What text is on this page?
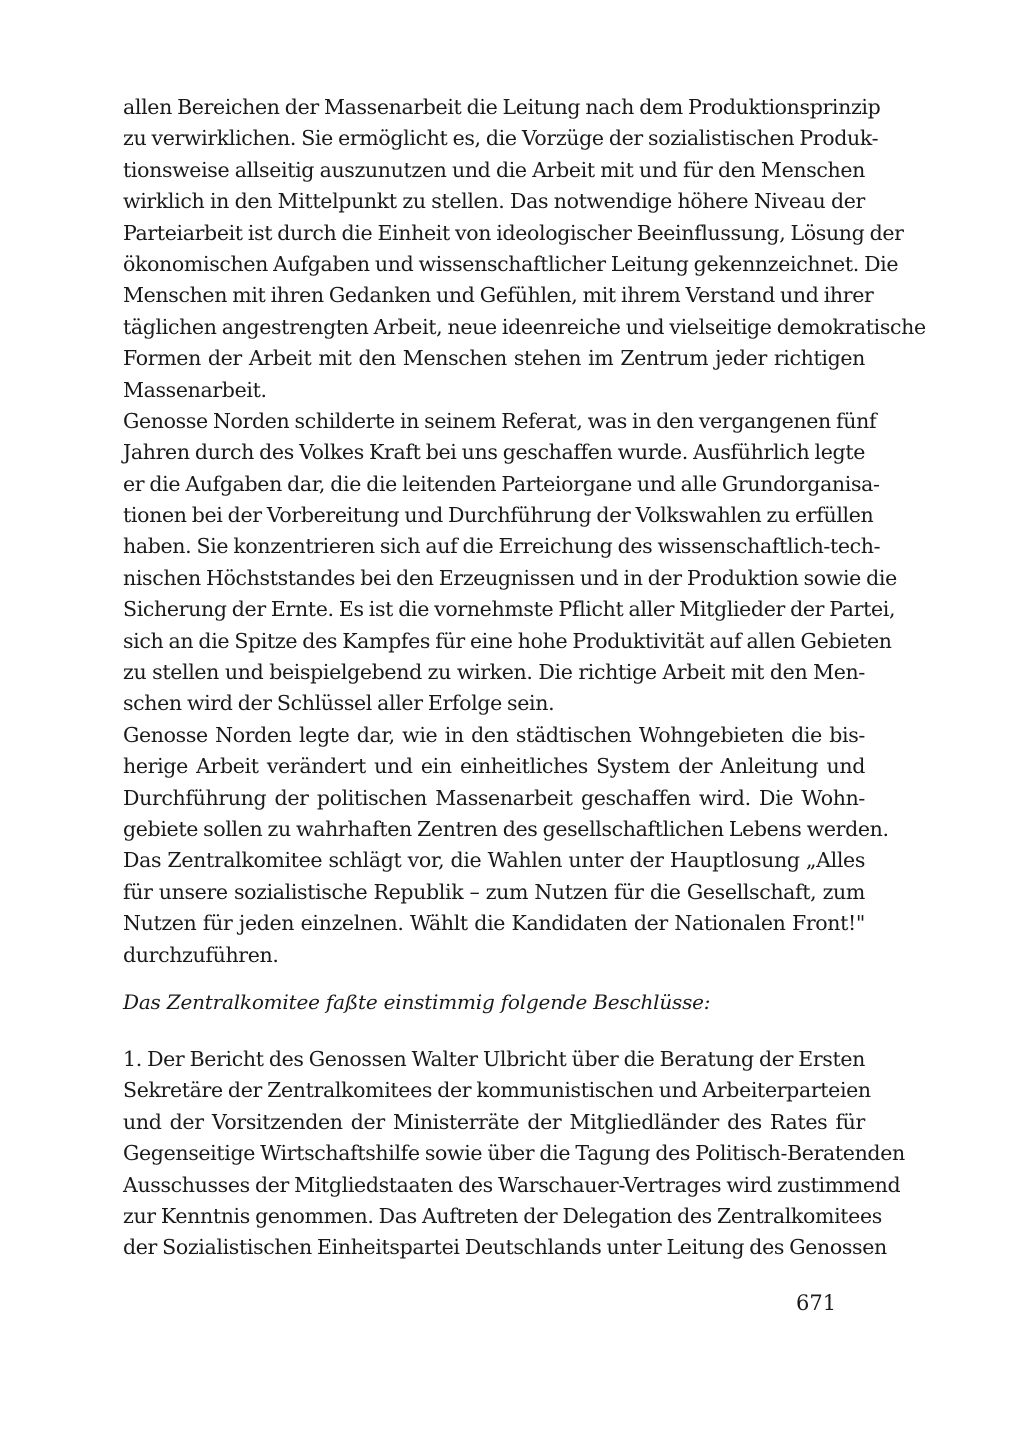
allen Bereichen der Massenarbeit die Leitung nach dem Produktionsprinzip
zu verwirklichen. Sie ermöglicht es, die Vorzüge der sozialistischen Produk-
tionsweise allseitig auszunutzen und die Arbeit mit und für den Menschen
wirklich in den Mittelpunkt zu stellen. Das notwendige höhere Niveau der
Parteiarbeit ist durch die Einheit von ideologischer Beeinflussung, Lösung der
ökonomischen Aufgaben und wissenschaftlicher Leitung gekennzeichnet. Die
Menschen mit ihren Gedanken und Gefühlen, mit ihrem Verstand und ihrer
täglichen angestrengten Arbeit, neue ideenreiche und vielseitige demokratische
Formen der Arbeit mit den Menschen stehen im Zentrum jeder richtigen
Massenarbeit.
Genosse Norden schilderte in seinem Referat, was in den vergangenen fünf
Jahren durch des Volkes Kraft bei uns geschaffen wurde. Ausführlich legte
er die Aufgaben dar, die die leitenden Parteiorgane und alle Grundorganisa-
tionen bei der Vorbereitung und Durchführung der Volkswahlen zu erfüllen
haben. Sie konzentrieren sich auf die Erreichung des wissenschaftlich-tech-
nischen Höchststandes bei den Erzeugnissen und in der Produktion sowie die
Sicherung der Ernte. Es ist die vornehmste Pflicht aller Mitglieder der Partei,
sich an die Spitze des Kampfes für eine hohe Produktivität auf allen Gebieten
zu stellen und beispielgebend zu wirken. Die richtige Arbeit mit den Men-
schen wird der Schlüssel aller Erfolge sein.
Genosse Norden legte dar, wie in den städtischen Wohngebieten die bis-
herige Arbeit verändert und ein einheitliches System der Anleitung und
Durchführung der politischen Massenarbeit geschaffen wird. Die Wohn-
gebiete sollen zu wahrhaften Zentren des gesellschaftlichen Lebens werden.
Das Zentralkomitee schlägt vor, die Wahlen unter der Hauptlosung „Alles
für unsere sozialistische Republik – zum Nutzen für die Gesellschaft, zum
Nutzen für jeden einzelnen. Wählt die Kandidaten der Nationalen Front!"
durchzuführen.
Das Zentralkomitee faßte einstimmig folgende Beschlüsse:
1. Der Bericht des Genossen Walter Ulbricht über die Beratung der Ersten
Sekretäre der Zentralkomitees der kommunistischen und Arbeiterparteien
und der Vorsitzenden der Ministerräte der Mitgliedländer des Rates für
Gegenseitige Wirtschaftshilfe sowie über die Tagung des Politisch-Beratenden
Ausschusses der Mitgliedstaaten des Warschauer-Vertrages wird zustimmend
zur Kenntnis genommen. Das Auftreten der Delegation des Zentralkomitees
der Sozialistischen Einheitspartei Deutschlands unter Leitung des Genossen
671
